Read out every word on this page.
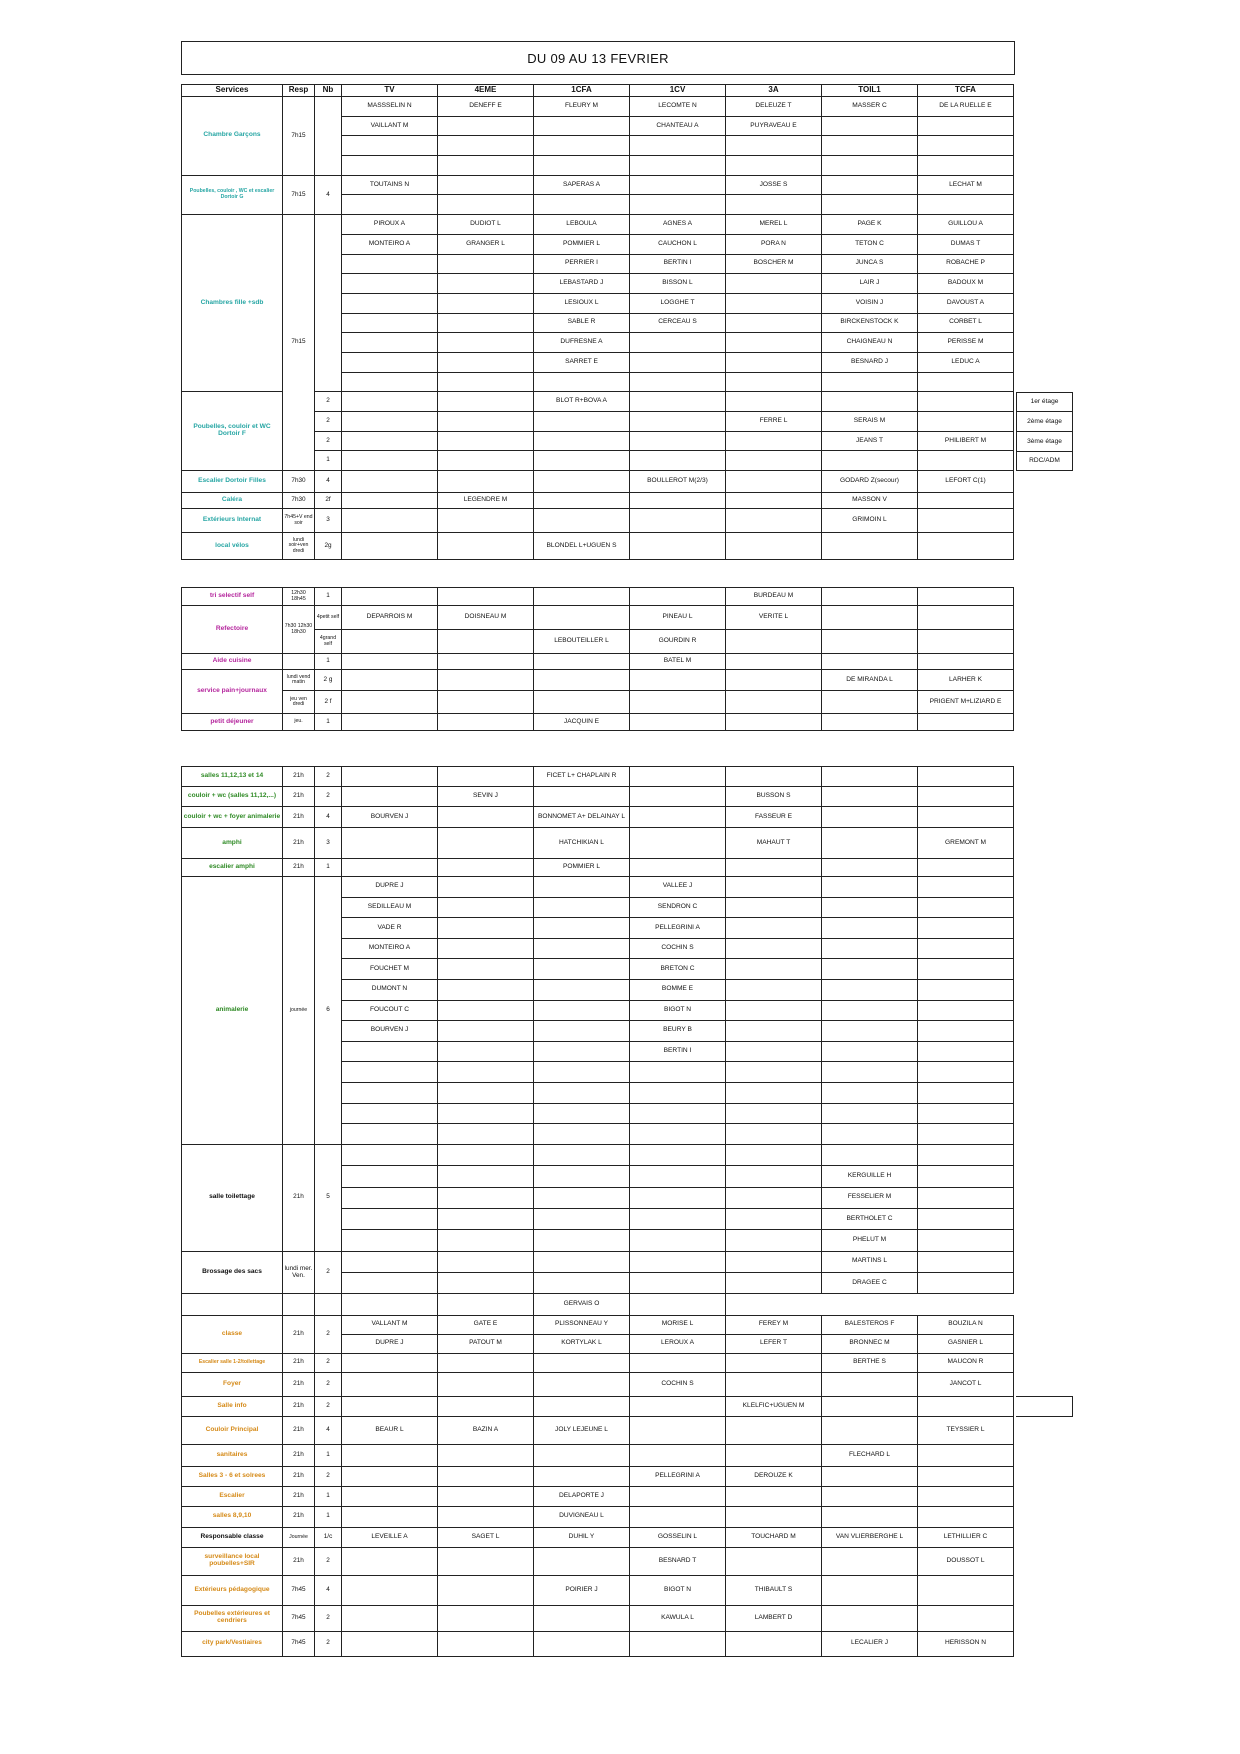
DU 09 AU 13 FEVRIER
Services	Resp	Nb	TV	4EME	1CFA	1CV	3A	TOIL1	TCFA
Chambre Garçons	7h15		MASSSELIN N	DENEFF E	FLEURY M	LECOMTE N	DELEUZE T	MASSER C	DE LA RUELLE E
			VAILLANT M			CHANTEAU A	PUYRAVEAU E		

Poubelles, couloir , WC et escalier Dortoir G	7h15	4	TOUTAINS N		SAPERAS A		JOSSE S		LECHAT M

Chambres fille +sdb	7h15		PIROUX A	DUDIOT L	LEBOULA	AGNES A	MEREL L	PAGE K	GUILLOU A
			MONTEIRO A	GRANGER L	POMMIER L	CAUCHON L	PORA N	TETON C	DUMAS T
					PERRIER I	BERTIN I	BOSCHER M	JUNCA S	ROBACHE P
					LEBASTARD J	BISSON L		LAIR J	BADOUX M
					LESIOUX L	LOGGHE T		VOISIN J	DAVOUST A
					SABLE R	CERCEAU S		BIRCKENSTOCK K	CORBET L
					DUFRESNE A			CHAIGNEAU N	PERISSE M
					SARRET E			BESNARD J	LEDUC A

Poubelles, couloir et WC Dortoir F		2			BLOT R+BOVA A				
		2					FERRE L	SERAIS M	
		2						JEANS T	PHILIBERT M
		1							
Escalier Dortoir Filles	7h30	4				BOULLEROT M(2/3)		GODARD Z(secour)	LEFORT C(1)
Caléra	7h30	2f		LEGENDRE M				MASSON V	
Extérieurs Internat	7h45+V end soir	3						GRIMOIN L	
local vélos	lundi soir+ven dredi	2g			BLONDEL L+UGUEN S				
tri selectif self	12h30 18h45	1					BURDEAU M		
Refectoire	7h30 12h30 18h30	4petit self	DEPARROIS M	DOISNEAU M		PINEAU L	VERITE L		
		4grand self			LEBOUTEILLER L	GOURDIN R			
Aide cuisine		1				BATEL M			
service pain+journaux	lundi vend matin	2 g						DE MIRANDA L	LARHER K
	jeu ven dredi	2 f							PRIGENT M+LIZIARD E
petit déjeuner	jeu.	1			JACQUIN E				
salles 11,12,13 et 14	21h	2			FICET L+ CHAPLAIN R				
couloir + wc (salles 11,12,...)	21h	2		SEVIN J			BUSSON S		
couloir + wc + foyer animalerie	21h	4	BOURVEN J		BONNOMET A+ DELAINAY L		FASSEUR E		
amphi	21h	3			HATCHIKIAN L		MAHAUT T		GREMONT M
escalier amphi	21h	1			POMMIER L				
animalerie	journée	6	DUPRE J			VALLEE J			
			SEDILLEAU M			SENDRON C			
			VADE R			PELLEGRINI A			
			MONTEIRO A			COCHIN S			
			FOUCHET M			BRETON C			
			DUMONT N			BOMME E			
			FOUCOUT C			BIGOT N			
			BOURVEN J			BEURY B			
						BERTIN I			

salle toilettage	21h	5							
								KERGUILLE H	
								FESSELIER M	
								BERTHOLET C	
								PHELUT M	
Brossage des sacs	lundi mer. Ven.	2						MARTINS L	
								DRAGEE C	
					GERVAIS O				
classe	21h	2	VALLANT M	GATE E	PLISSONNEAU Y	MORISE L	FEREY M	BALESTEROS F	BOUZILA N
			DUPRE J	PATOUT M	KORTYLAK L	LEROUX A	LEFER T	BRONNEC M	GASNIER L
Escalier salle 1-2/toilettage	21h	2						BERTHE S	MAUCON R
Foyer	21h	2				COCHIN S			JANCOT L
Salle info	21h	2					KLELFIC+UGUEN M		
Couloir Principal	21h	4	BEAUR L	BAZIN A	JOLY LEJEUNE L				TEYSSIER L
sanitaires	21h	1						FLECHARD L	
Salles 3 - 6 et solrees	21h	2				PELLEGRINI A	DEROUZE K		
Escalier	21h	1			DELAPORTE J				
salles 8,9,10	21h	1			DUVIGNEAU L				
Responsable classe	Journée	1/c	LEVEILLE A	SAGET L	DUHIL Y	GOSSELIN L	TOUCHARD M	VAN VLIERBERGHE L	LETHILLIER C
surveillance local poubelles+SIR	21h	2				BESNARD T			DOUSSOT L
Extérieurs pédagogique	7h45	4			POIRIER J	BIGOT N	THIBAULT S		
Poubelles extérieures et cendriers	7h45	2				KAWULA L	LAMBERT D		
city park/Vestiaires	7h45	2						LECALIER J	HERISSON N
1er étage
2ème étage
3ème étage
RDC/ADM
